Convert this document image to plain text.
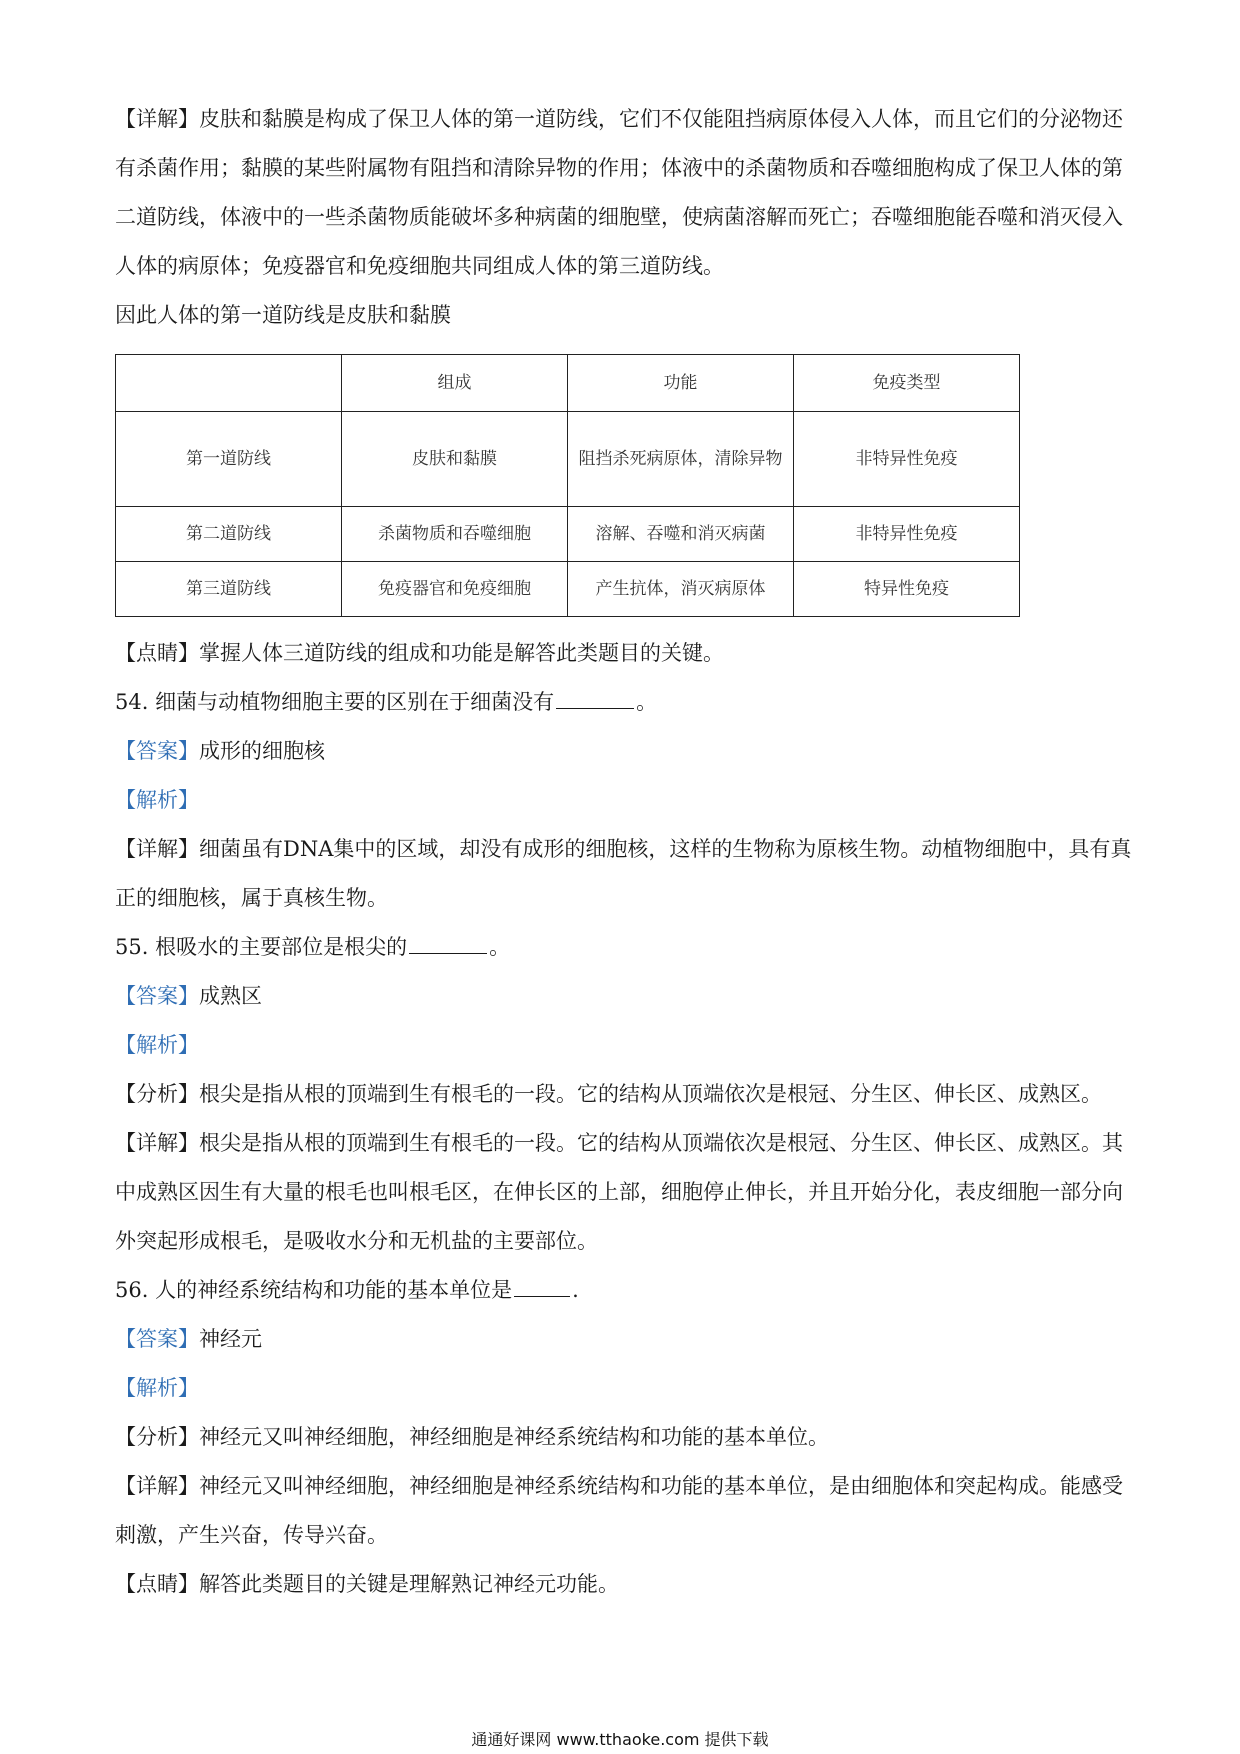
【详解】皮肤和黏膜是构成了保卫人体的第一道防线，它们不仅能阻挡病原体侵入人体，而且它们的分泌物还有杀菌作用；黏膜的某些附属物有阻挡和清除异物的作用；体液中的杀菌物质和吞噬细胞构成了保卫人体的第二道防线，体液中的一些杀菌物质能破坏多种病菌的细胞壁，使病菌溶解而死亡；吞噬细胞能吞噬和消灭侵入人体的病原体；免疫器官和免疫细胞共同组成人体的第三道防线。

因此人体的第一道防线是皮肤和黏膜

	组成	功能	免疫类型
第一道防线	皮肤和黏膜	阻挡杀死病原体，清除异物	非特异性免疫
第二道防线	杀菌物质和吞噬细胞	溶解、吞噬和消灭病菌	非特异性免疫
第三道防线	免疫器官和免疫细胞	产生抗体，消灭病原体	特异性免疫

【点睛】掌握人体三道防线的组成和功能是解答此类题目的关键。

54. 细菌与动植物细胞主要的区别在于细菌没有	。

【答案】成形的细胞核

【解析】

【详解】细菌虽有DNA集中的区域，却没有成形的细胞核，这样的生物称为原核生物。动植物细胞中，具有真正的细胞核，属于真核生物。

55. 根吸水的主要部位是根尖的	。

【答案】成熟区

【解析】

【分析】根尖是指从根的顶端到生有根毛的一段。它的结构从顶端依次是根冠、分生区、伸长区、成熟区。

【详解】根尖是指从根的顶端到生有根毛的一段。它的结构从顶端依次是根冠、分生区、伸长区、成熟区。其中成熟区因生有大量的根毛也叫根毛区，在伸长区的上部，细胞停止伸长，并且开始分化，表皮细胞一部分向外突起形成根毛，是吸收水分和无机盐的主要部位。

56. 人的神经系统结构和功能的基本单位是	.

【答案】神经元

【解析】

【分析】神经元又叫神经细胞，神经细胞是神经系统结构和功能的基本单位。

【详解】神经元又叫神经细胞，神经细胞是神经系统结构和功能的基本单位，是由细胞体和突起构成。能感受刺激，产生兴奋，传导兴奋。

【点睛】解答此类题目的关键是理解熟记神经元功能。

通通好课网 www.tthaoke.com 提供下载
